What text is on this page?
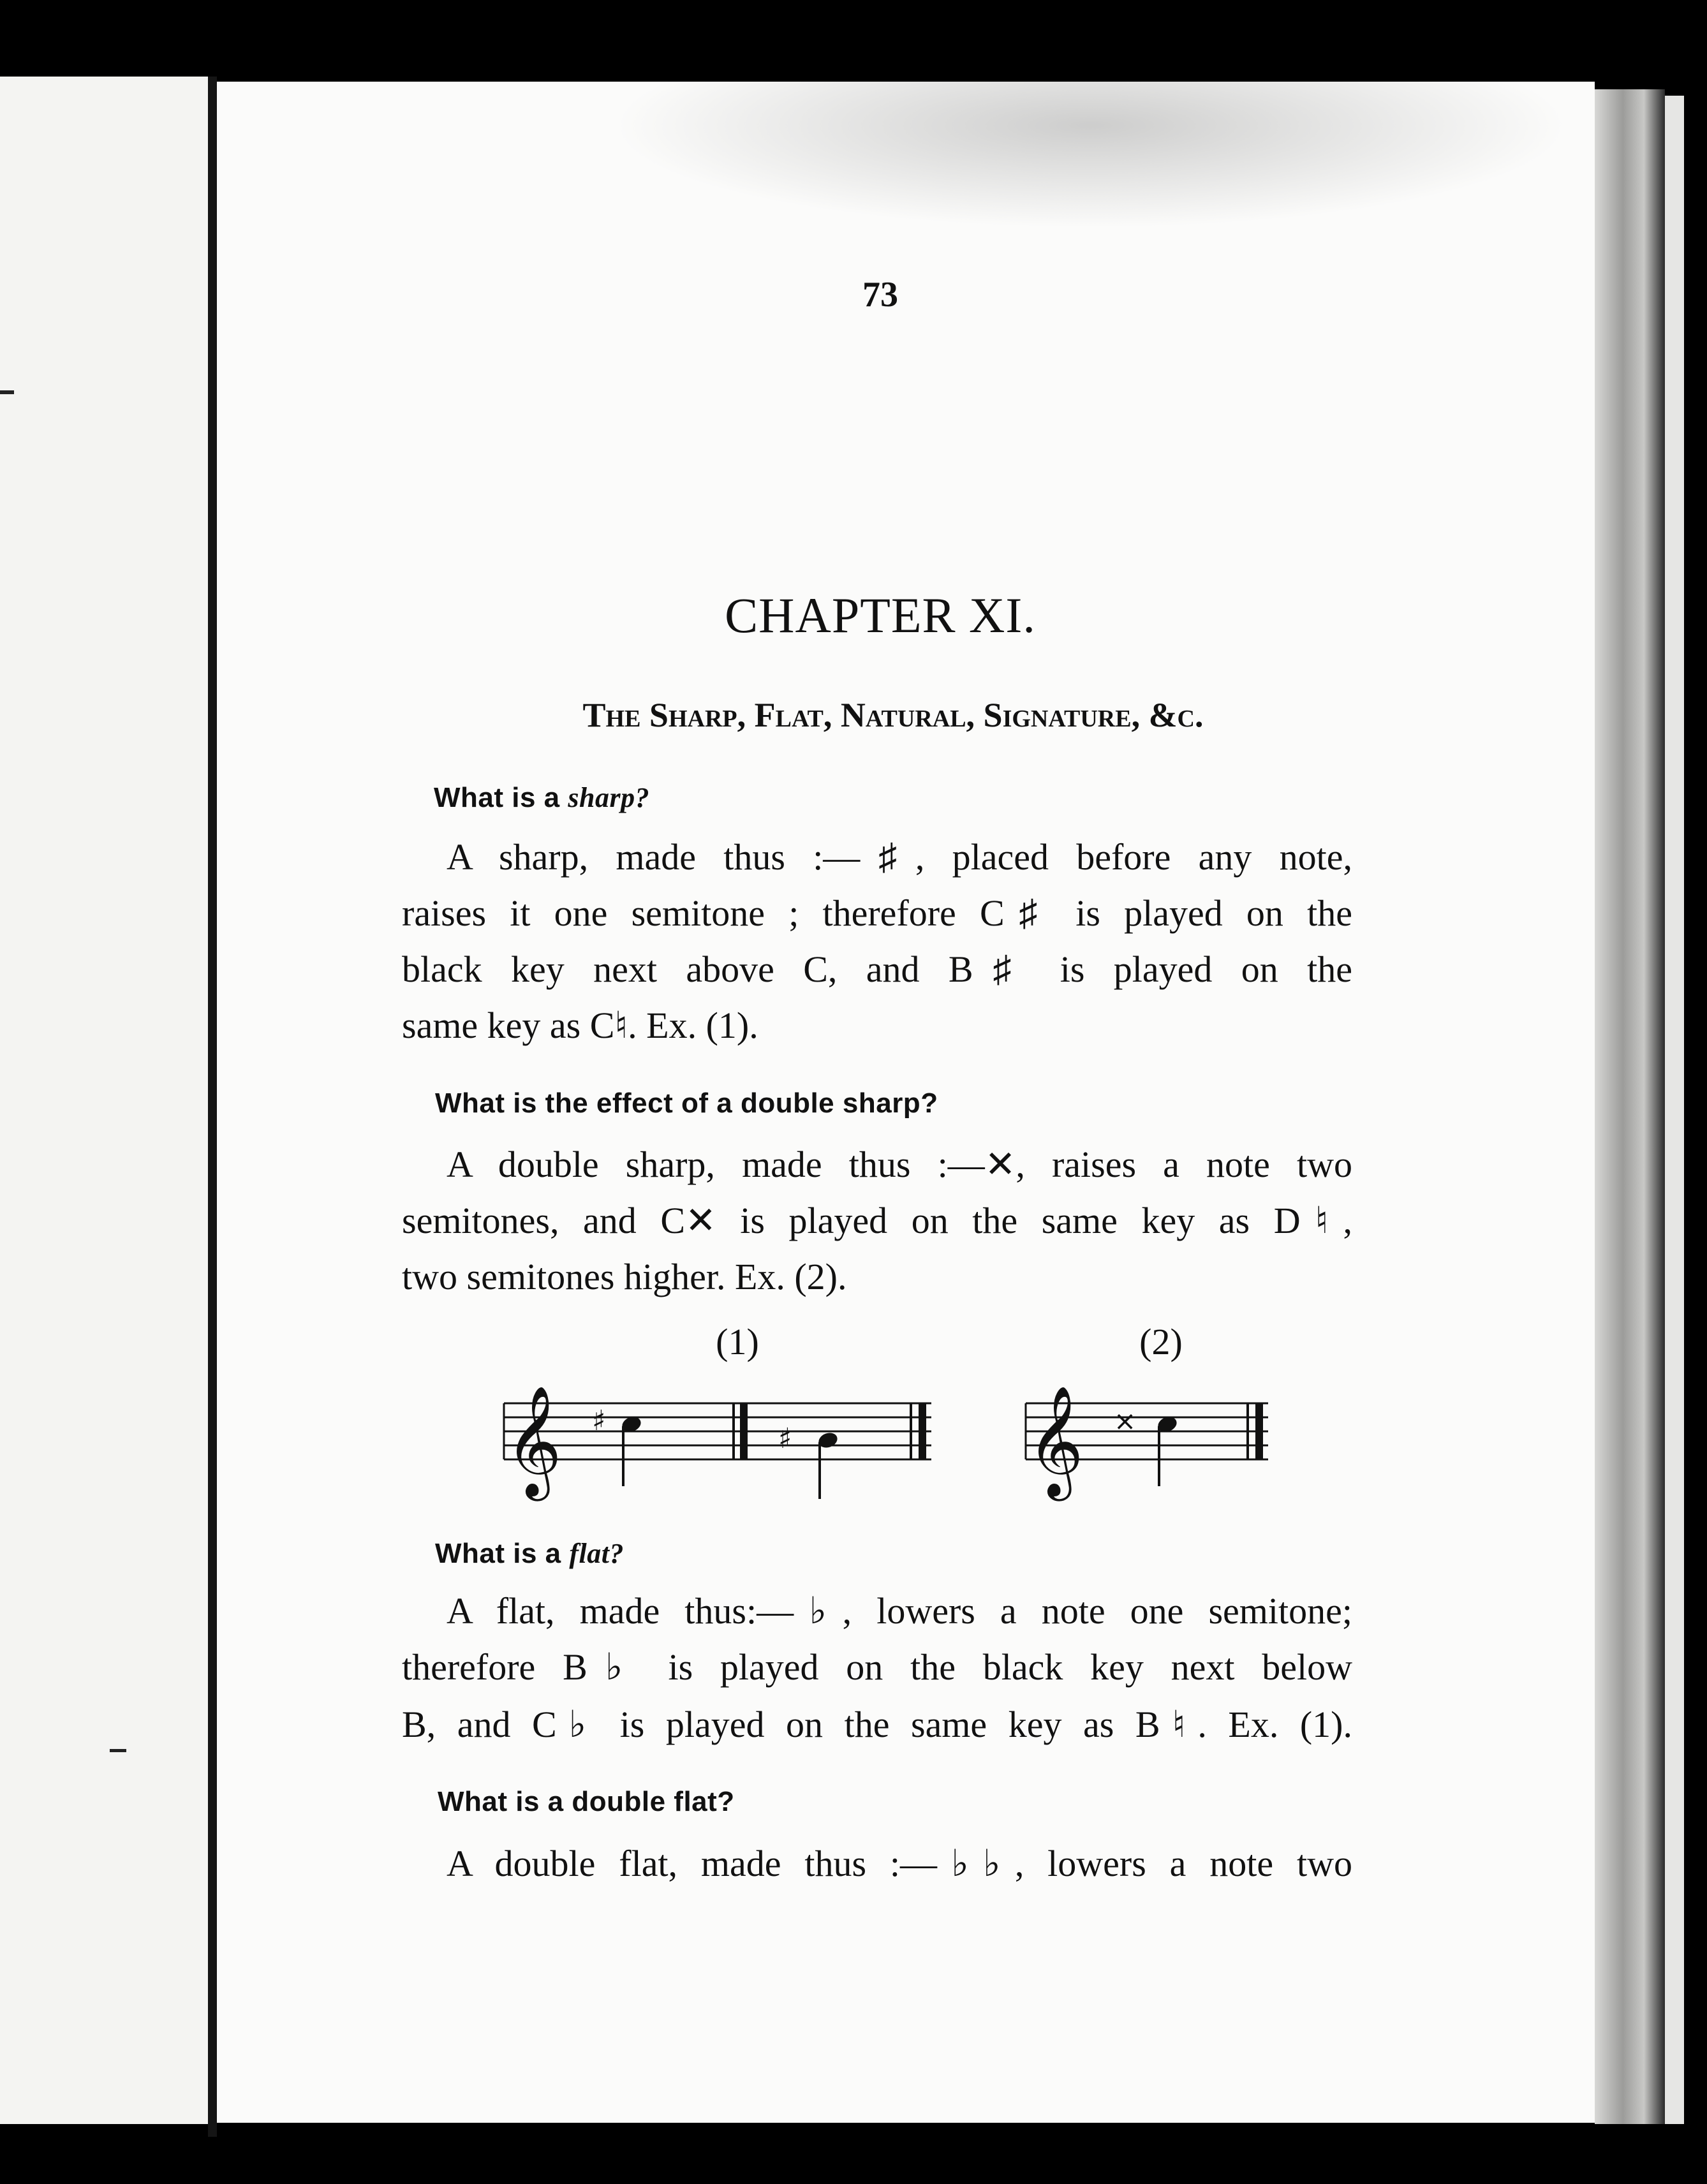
73
CHAPTER XI.
The Sharp, Flat, Natural, Signature, &c.
What is a sharp?
A sharp, made thus :—♯, placed before any note,
raises it one semitone ; therefore C♯ is played on the
black key next above C, and B♯ is played on the
same key as C♮. Ex. (1).
What is the effect of a double sharp?
A double sharp, made thus :—✕, raises a note two
semitones, and C✕ is played on the same key as D♮,
two semitones higher. Ex. (2).
(1)	(2)
𝄞 ♯
♯ 𝄞 ×
What is a flat?
A flat, made thus:—♭, lowers a note one semitone;
therefore B♭ is played on the black key next below
B, and C♭ is played on the same key as B♮. Ex. (1).
What is a double flat?
A double flat, made thus :—♭♭, lowers a note two
